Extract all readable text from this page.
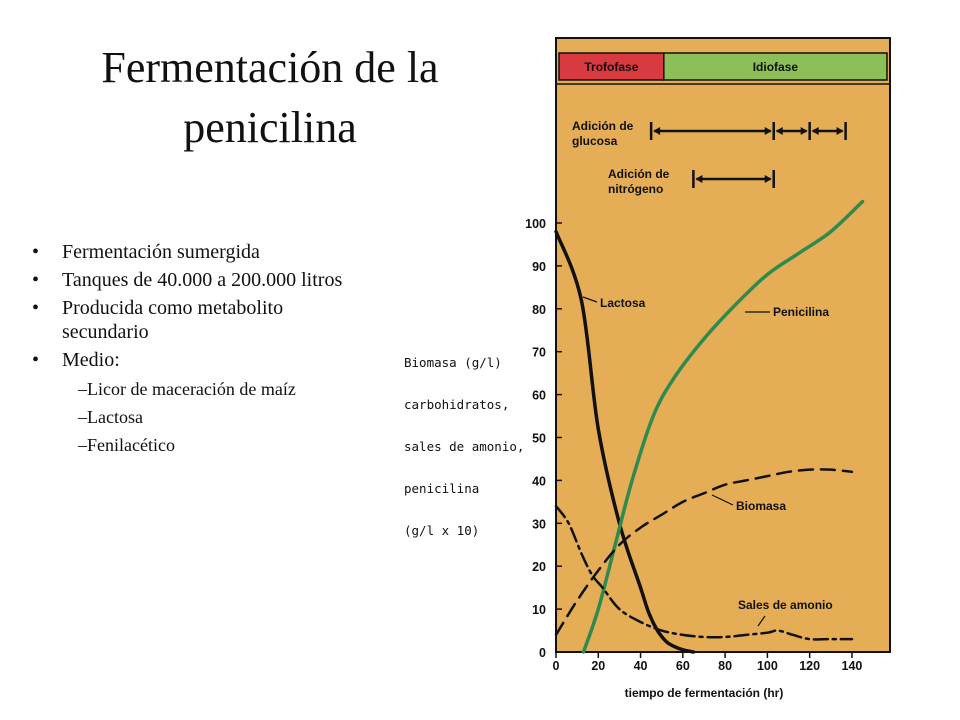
Fermentación de la
penicilina
• Fermentación sumergida
• Tanques de 40.000 a 200.000 litros
• Producida como metabolito
secundario
• Medio:
–Licor de maceración de maíz
–Lactosa
–Fenilacético

Biomasa (g/l)

carbohidratos,

sales de amonio,

penicilina

(g/l x 10)

Trofofase	Idiofase
Adición de glucosa
Adición de nitrógeno
0
10
20
30
40
50
60
70
80
90
100
0	20 40 60 80 100 120 140
tiempo de fermentación (hr)
Lactosa
Penicilina
Biomasa
Sales de amonio
